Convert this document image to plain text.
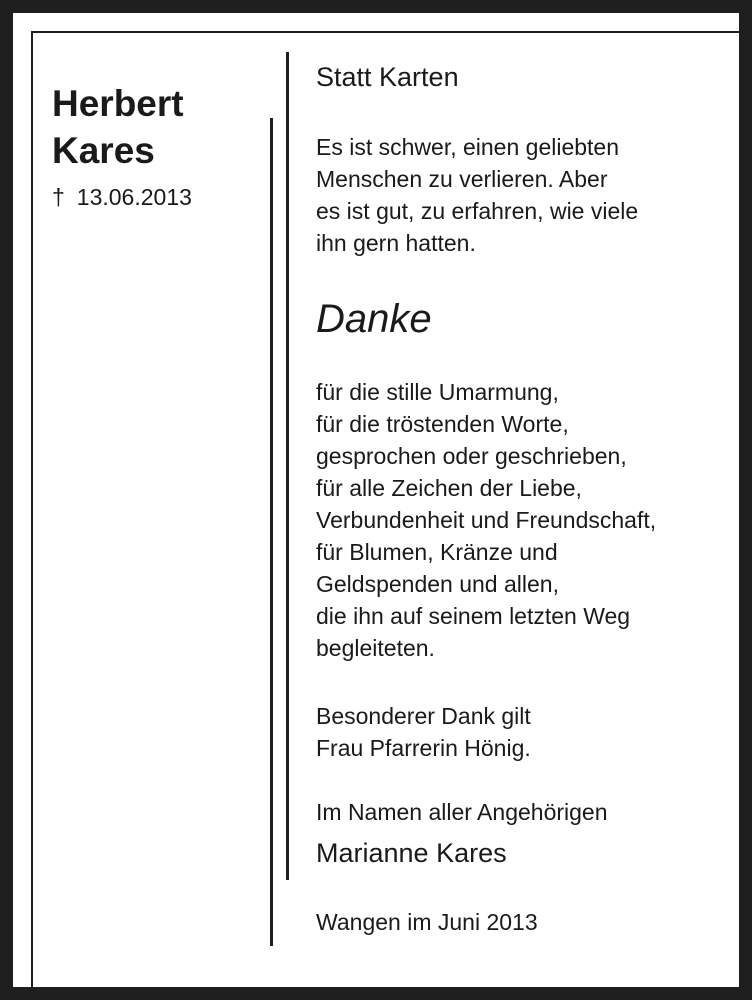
Herbert
Kares
† 13.06.2013
Statt Karten

Es ist schwer, einen geliebten
Menschen zu verlieren. Aber
es ist gut, zu erfahren, wie viele
ihn gern hatten.

Danke

für die stille Umarmung,
für die tröstenden Worte,
gesprochen oder geschrieben,
für alle Zeichen der Liebe,
Verbundenheit und Freundschaft,
für Blumen, Kränze und
Geldspenden und allen,
die ihn auf seinem letzten Weg
begleiteten.

Besonderer Dank gilt
Frau Pfarrerin Hönig.

Im Namen aller Angehörigen
Marianne Kares
Wangen im Juni 2013
